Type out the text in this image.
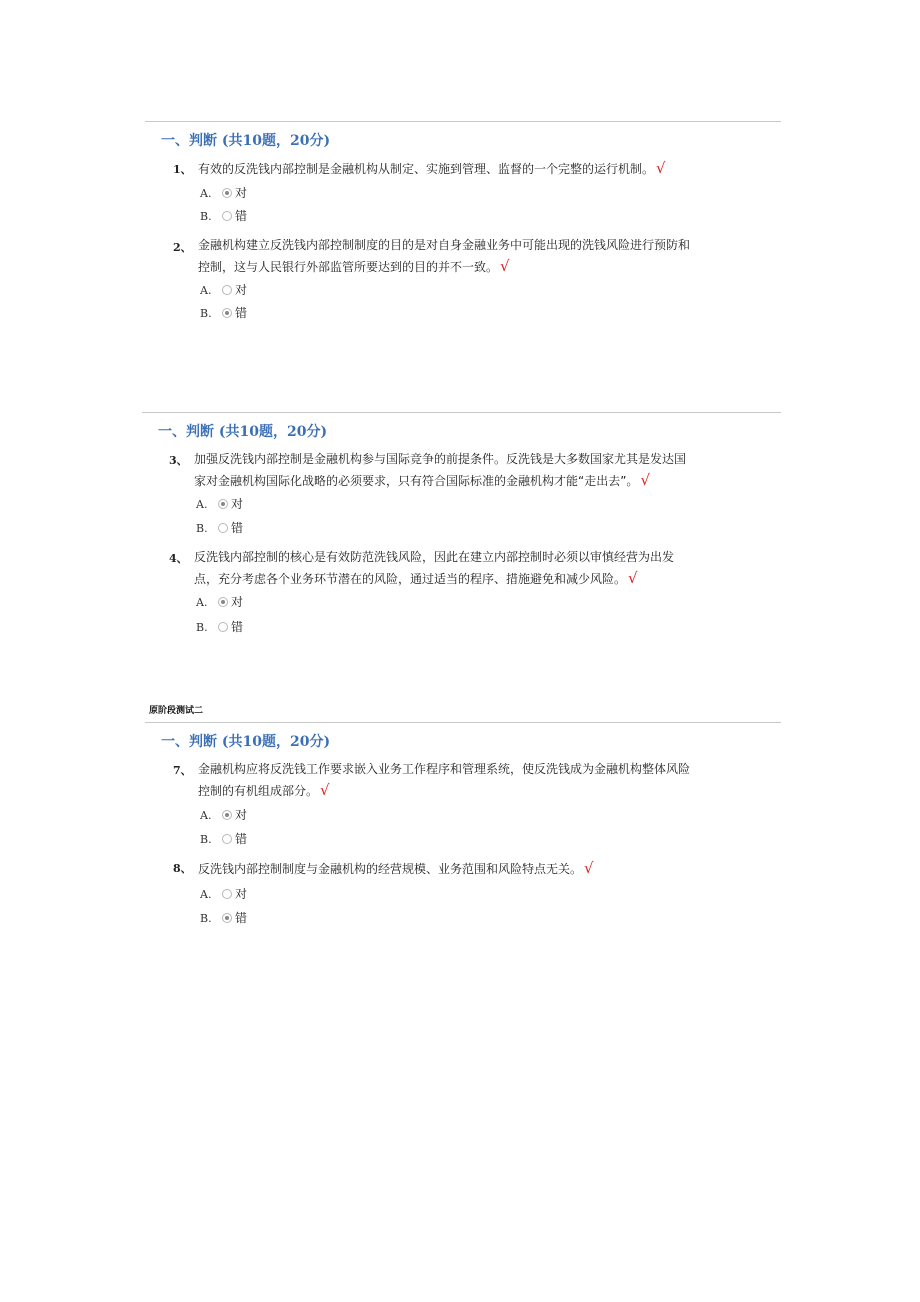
一、判断 (共10题，20分)
1、 有效的反洗钱内部控制是金融机构从制定、实施到管理、监督的一个完整的运行机制。 √
A. 对
B. 错
2、 金融机构建立反洗钱内部控制制度的目的是对自身金融业务中可能出现的洗钱风险进行预防和
控制，这与人民银行外部监管所要达到的目的并不一致。 √
A. 对
B. 错
一、判断 (共10题，20分)
3、 加强反洗钱内部控制是金融机构参与国际竞争的前提条件。反洗钱是大多数国家尤其是发达国
家对金融机构国际化战略的必须要求，只有符合国际标准的金融机构才能“走出去”。 √
A. 对
B. 错
4、 反洗钱内部控制的核心是有效防范洗钱风险，因此在建立内部控制时必须以审慎经营为出发
点，充分考虑各个业务环节潜在的风险，通过适当的程序、措施避免和减少风险。 √
A. 对
B. 错
原阶段测试二
一、判断 (共10题，20分)
7、 金融机构应将反洗钱工作要求嵌入业务工作程序和管理系统，使反洗钱成为金融机构整体风险
控制的有机组成部分。 √
A. 对
B. 错
8、 反洗钱内部控制制度与金融机构的经营规模、业务范围和风险特点无关。 √
A. 对
B. 错
